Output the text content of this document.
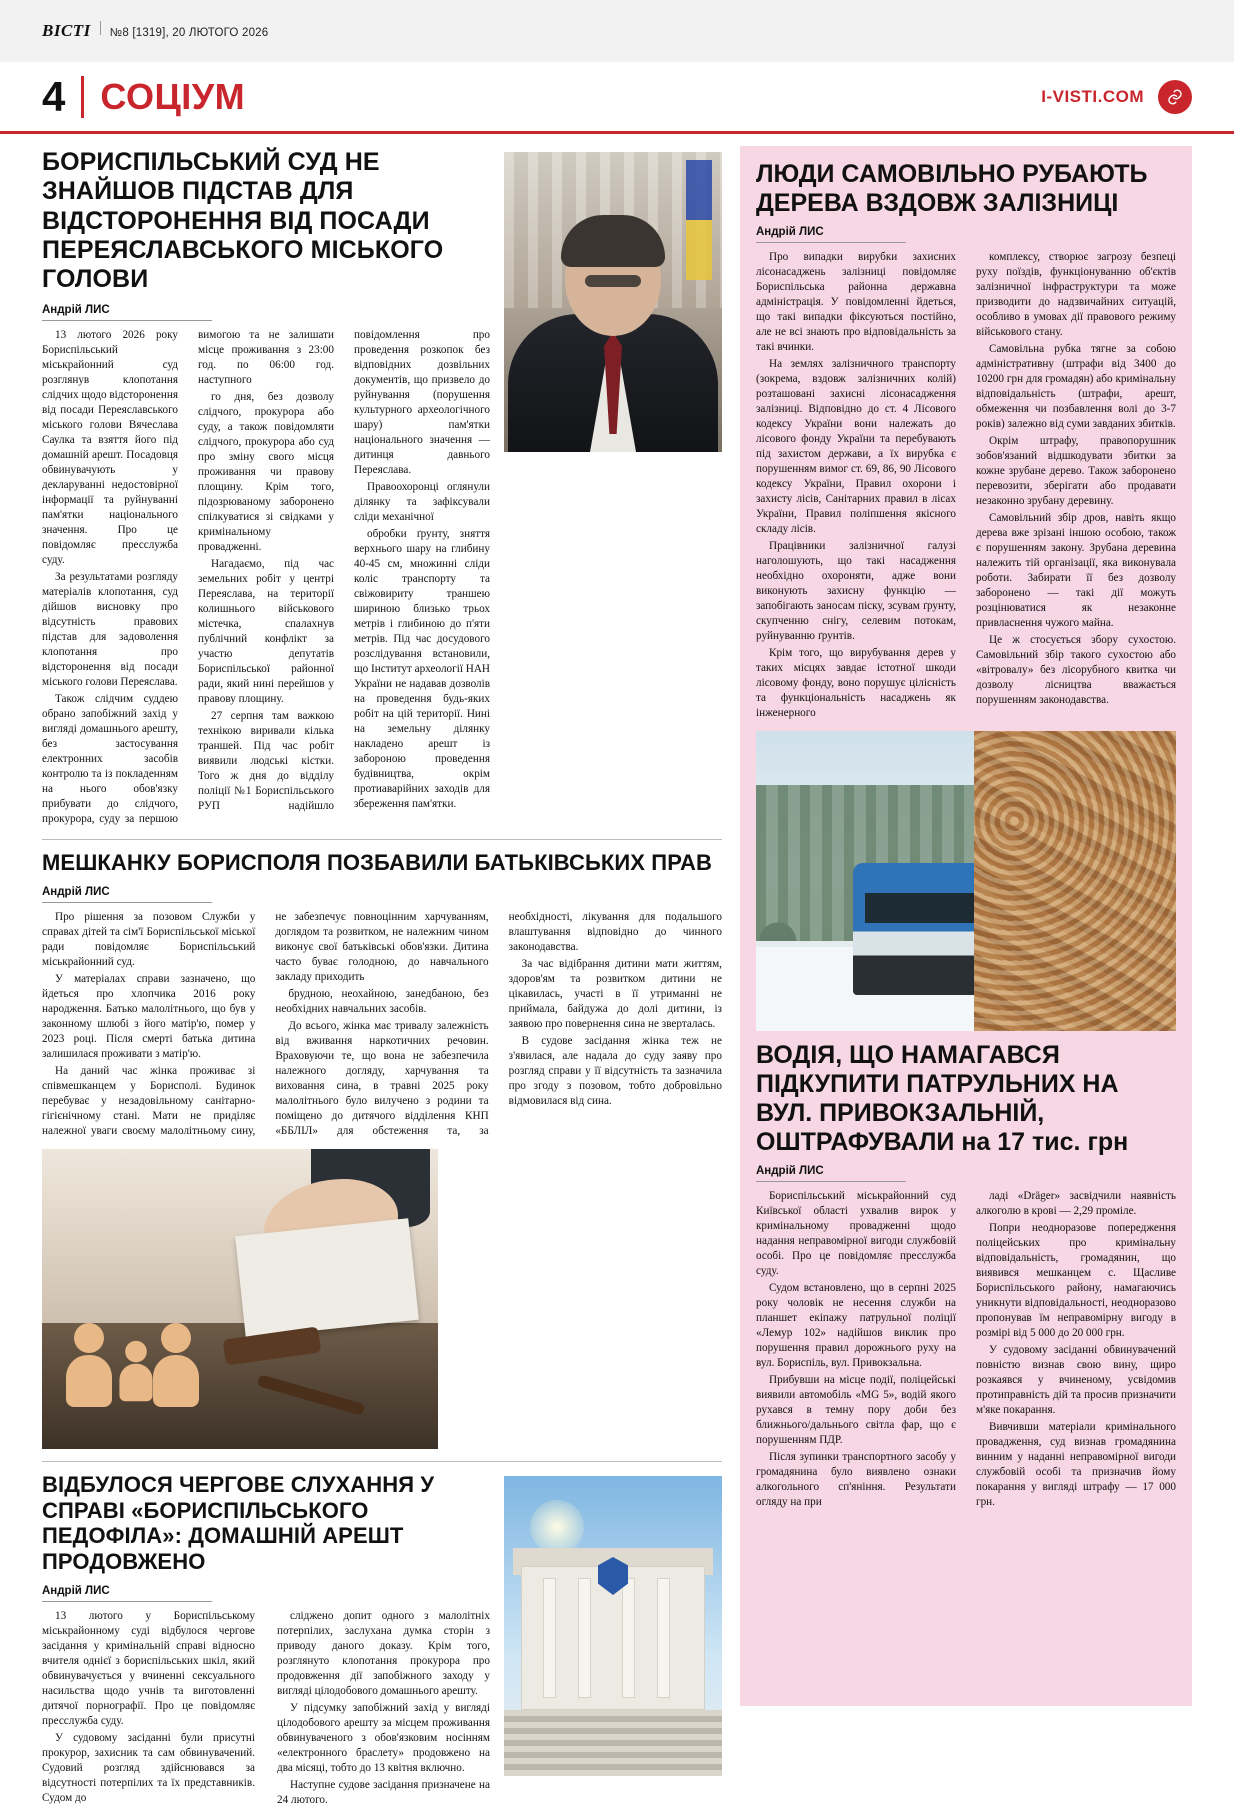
ВІСТІ №8 [1319], 20 ЛЮТОГО 2026
4 СОЦІУМ	I-VISTI.COM
БОРИСПІЛЬСЬКИЙ СУД НЕ ЗНАЙШОВ ПІДСТАВ ДЛЯ ВІДСТОРОНЕННЯ ВІД ПОСАДИ ПЕРЕЯСЛАВСЬКОГО МІСЬКОГО ГОЛОВИ
Андрій ЛИС

13 лютого 2026 року Бориспільський міськрайонний суд розглянув клопотання слідчих щодо відсторонення від посади Переяславського міського голови Вячеслава Саулка та взяття його під домашній арешт. Посадовця обвинувачують у декларуванні недостовірної інформації та руйнуванні пам'ятки національного значення. Про це повідомляє пресслужба суду.

За результатами розгляду матеріалів клопотання, суд дійшов висновку про відсутність правових підстав для задоволення клопотання про відсторонення від посади міського голови Переяслава.

Також слідчим суддею обрано запобіжний захід у вигляді домашнього арешту, без застосування електронних засобів контролю та із покладенням на нього обов'язку прибувати до слідчого, прокурора, суду за першою вимогою та не залишати місце проживання з 23:00 год. по 06:00 год. наступного

го дня, без дозволу слідчого, прокурора або суду, а також повідомляти слідчого, прокурора або суд про зміну свого місця проживання чи правову площину. Крім того, підозрюваному заборонено спілкуватися зі свідками у кримінальному провадженні.

Нагадаємо, під час земельних робіт у центрі Переяслава, на території колишнього військового містечка, спалахнув публічний конфлікт за участю депутатів Бориспільської районної ради, який нині перейшов у правову площину.

27 серпня там важкою технікою виривали кілька траншей. Під час робіт виявили людські кістки. Того ж дня до відділу поліції №1 Бориспільського РУП надійшло повідомлення про проведення розкопок без відповідних дозвільних документів, що призвело до руйнування (порушення культурного археологічного шару) пам'ятки національного значення — дитинця давнього Переяслава.

Правоохоронці оглянули ділянку та зафіксували сліди механічної

обробки ґрунту, зняття верхнього шару на глибину 40-45 см, множинні сліди коліс транспорту та свіжовириту траншею шириною близько трьох метрів і глибиною до п'яти метрів. Під час досудового розслідування встановили, що Інститут археології НАН України не надавав дозволів на проведення будь-яких робіт на цій території. Нині на земельну ділянку накладено арешт із забороною проведення будівництва, окрім протиаварійних заходів для збереження пам'ятки.

МЕШКАНКУ БОРИСПОЛЯ ПОЗБАВИЛИ БАТЬКІВСЬКИХ ПРАВ
Андрій ЛИС

Про рішення за позовом Служби у справах дітей та сім'ї Бориспільської міської ради повідомляє Бориспільський міськрайонний суд.

У матеріалах справи зазначено, що йдеться про хлопчика 2016 року народження. Батько малолітнього, що був у законному шлюбі з його матір'ю, помер у 2023 році. Після смерті батька дитина залишилася проживати з матір'ю.

На даний час жінка проживає зі співмешканцем у Борисполі. Будинок перебуває у незадовільному санітарно-гігієнічному стані. Мати не приділяє належної уваги своєму малолітньому сину, не забезпечує повноцінним харчуванням, доглядом та розвитком, не належним чином виконує свої батьківські обов'язки. Дитина часто буває голодною, до навчального закладу приходить

брудною, неохайною, занедбаною, без необхідних навчальних засобів.

До всього, жінка має тривалу залежність від вживання наркотичних речовин. Враховуючи те, що вона не забезпечила належного догляду, харчування та виховання сина, в травні 2025 року малолітнього було вилучено з родини та поміщено до дитячого відділення КНП «ББЛІЛ» для обстеження та, за необхідності, лікування для подальшого влаштування відповідно до чинного законодавства.

За час відібрання дитини мати життям, здоров'ям та розвитком дитини не цікавилась, участі в її утриманні не приймала, байдужа до долі дитини, із заявою про повернення сина не зверталась.

В судове засідання жінка теж не з'явилася, але надала до суду заяву про розгляд справи у її відсутність та зазначила про згоду з позовом, тобто добровільно відмовилася від сина.

ВІДБУЛОСЯ ЧЕРГОВЕ СЛУХАННЯ У СПРАВІ «БОРИСПІЛЬСЬКОГО ПЕДОФІЛА»: ДОМАШНІЙ АРЕШТ ПРОДОВЖЕНО
Андрій ЛИС

13 лютого у Бориспільському міськрайонному суді відбулося чергове засідання у кримінальній справі відносно вчителя однієї з бориспільських шкіл, який обвинувачується у вчиненні сексуального насильства щодо учнів та виготовленні дитячої порнографії. Про це повідомляє пресслужба суду.

У судовому засіданні були присутні прокурор, захисник та сам обвинувачений. Судовий розгляд здійснювався за відсутності потерпілих та їх представників. Судом до

сліджено допит одного з малолітніх потерпілих, заслухана думка сторін з приводу даного доказу. Крім того, розглянуто клопотання прокурора про продовження дії запобіжного заходу у вигляді цілодобового домашнього арешту.

У підсумку запобіжний захід у вигляді цілодобового арешту за місцем проживання обвинуваченого з обов'язковим носінням «електронного браслету» продовжено на два місяці, тобто до 13 квітня включно.

Наступне судове засідання призначене на 24 лютого.

ЛЮДИ САМОВІЛЬНО РУБАЮТЬ ДЕРЕВА ВЗДОВЖ ЗАЛІЗНИЦІ
Андрій ЛИС

Про випадки вирубки захисних лісонасаджень залізниці повідомляє Бориспільська районна державна адміністрація. У повідомленні йдеться, що такі випадки фіксуються постійно, але не всі знають про відповідальність за такі вчинки.

На землях залізничного транспорту (зокрема, вздовж залізничних колій) розташовані захисні лісонасадження залізниці. Відповідно до ст. 4 Лісового кодексу України вони належать до лісового фонду України та перебувають під захистом держави, а їх вирубка є порушенням вимог ст. 69, 86, 90 Лісового кодексу України, Правил охорони і захисту лісів, Санітарних правил в лісах України, Правил поліпшення якісного складу лісів.

Працівники залізничної галузі наголошують, що такі насадження необхідно охороняти, адже вони виконують захисну функцію — запобігають заносам піску, зсувам ґрунту, скупченню снігу, селевим потокам, руйнуванню ґрунтів.

Крім того, що вирубування дерев у таких місцях завдає істотної шкоди лісовому фонду, воно порушує цілісність та функціональність насаджень як інженерного

комплексу, створює загрозу безпеці руху поїздів, функціонуванню об'єктів залізничної інфраструктури та може призводити до надзвичайних ситуацій, особливо в умовах дії правового режиму військового стану.

Самовільна рубка тягне за собою адміністративну (штрафи від 3400 до 10200 грн для громадян) або кримінальну відповідальність (штрафи, арешт, обмеження чи позбавлення волі до 3-7 років) залежно від суми завданих збитків.

Окрім штрафу, правопорушник зобов'язаний відшкодувати збитки за кожне зрубане дерево. Також заборонено перевозити, зберігати або продавати незаконно зрубану деревину.

Самовільний збір дров, навіть якщо дерева вже зрізані іншою особою, також є порушенням закону. Зрубана деревина належить тій організації, яка виконувала роботи. Забирати її без дозволу заборонено — такі дії можуть розцінюватися як незаконне привласнення чужого майна.

Це ж стосується збору сухостою. Самовільний збір такого сухостою або «вітровалу» без лісорубного квитка чи дозволу лісництва вважається порушенням законодавства.

ВОДІЯ, ЩО НАМАГАВСЯ ПІДКУПИТИ ПАТРУЛЬНИХ НА ВУЛ. ПРИВОКЗАЛЬНІЙ, ОШТРАФУВАЛИ на 17 тис. грн
Андрій ЛИС

Бориспільський міськрайонний суд Київської області ухвалив вирок у кримінальному провадженні щодо надання неправомірної вигоди службовій особі. Про це повідомляє пресслужба суду.

Судом встановлено, що в серпні 2025 року чоловік не несення служби на планшет екіпажу патрульної поліції «Лемур 102» надійшов виклик про порушення правил дорожнього руху на вул. Бориспіль, вул. Привокзальна.

Прибувши на місце події, поліцейські виявили автомобіль «MG 5», водій якого рухався в темну пору доби без ближнього/дальнього світла фар, що є порушенням ПДР.

Після зупинки транспортного засобу у громадянина було виявлено ознаки алкогольного сп'яніння. Результати огляду на при

ладі «Drӓger» засвідчили наявність алкоголю в крові — 2,29 проміле.

Попри неодноразове попередження поліцейських про кримінальну відповідальність, громадянин, що виявився мешканцем с. Щасливе Бориспільського району, намагаючись уникнути відповідальності, неодноразово пропонував їм неправомірну вигоду в розмірі від 5 000 до 20 000 грн.

У судовому засіданні обвинувачений повністю визнав свою вину, щиро розкаявся у вчиненому, усвідомив протиправність дій та просив призначити м'яке покарання.

Вивчивши матеріали кримінального провадження, суд визнав громадянина винним у наданні неправомірної вигоди службовій особі та призначив йому покарання у вигляді штрафу — 17 000 грн.
